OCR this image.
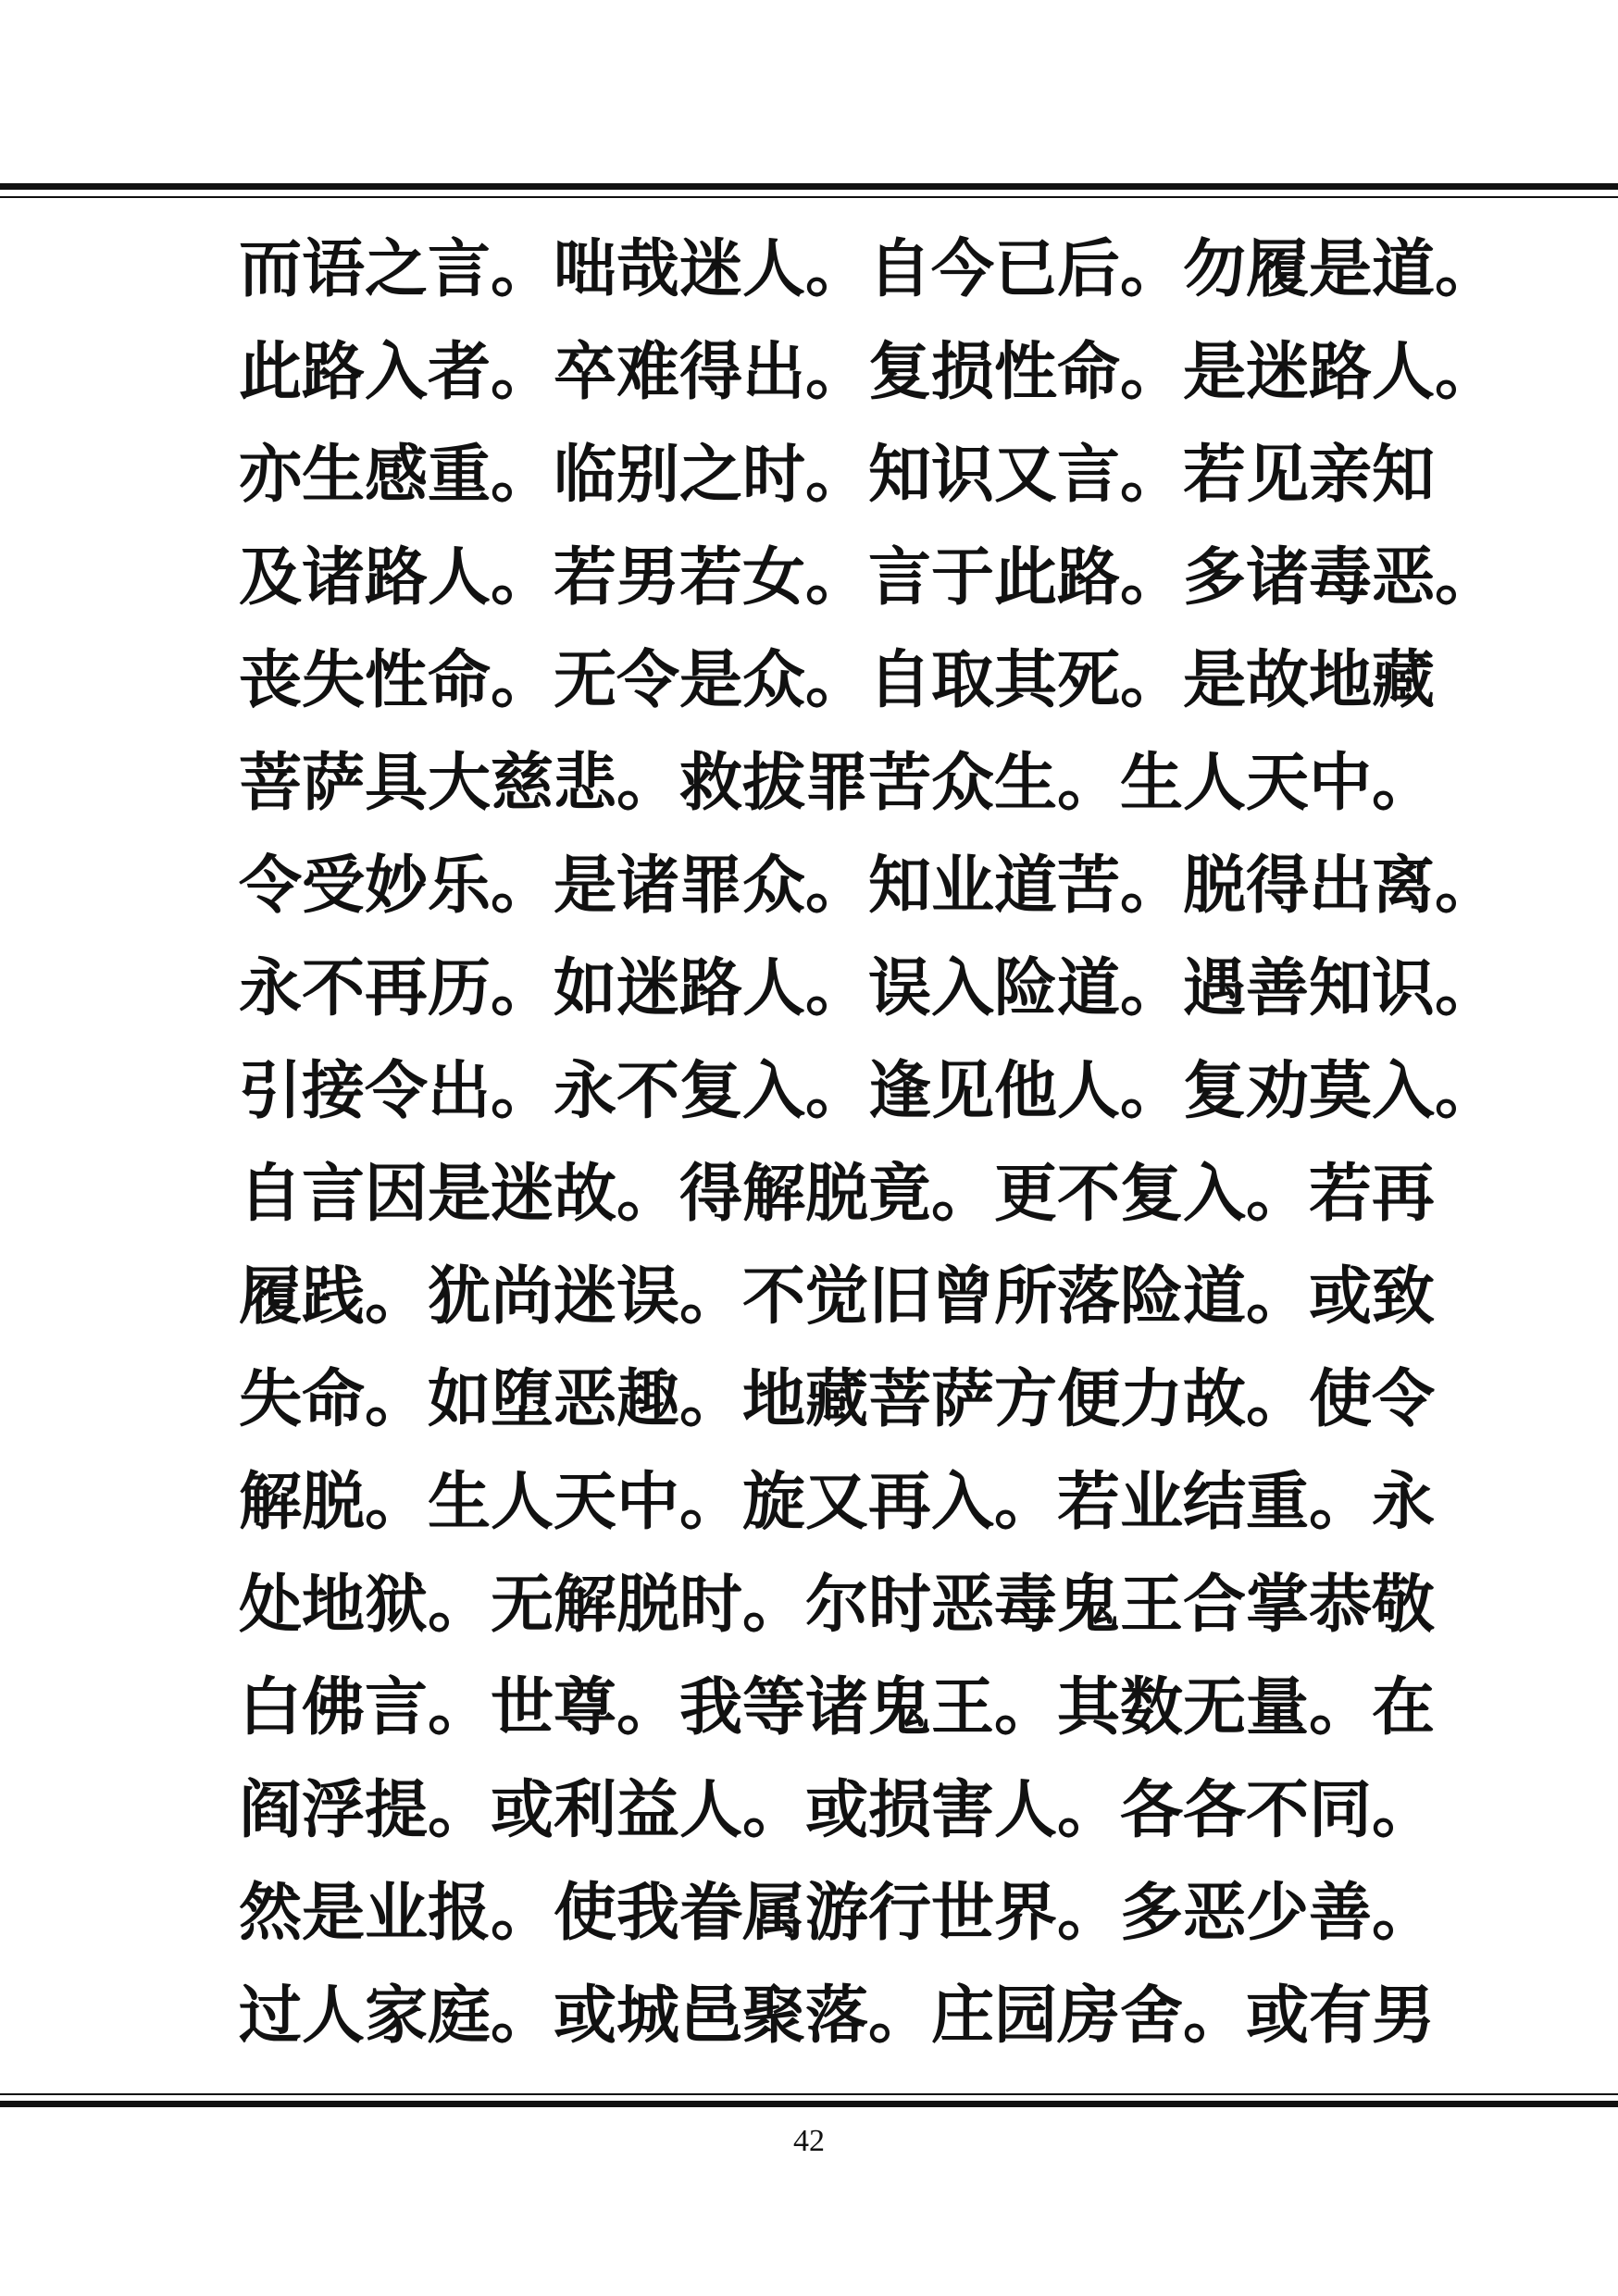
而语之言。咄哉迷人。自今已后。勿履是道。
此路入者。卒难得出。复损性命。是迷路人。
亦生感重。临别之时。知识又言。若见亲知
及诸路人。若男若女。言于此路。多诸毒恶。
丧失性命。无令是众。自取其死。是故地藏
菩萨具大慈悲。救拔罪苦众生。生人天中。
令受妙乐。是诸罪众。知业道苦。脱得出离。
永不再历。如迷路人。误入险道。遇善知识。
引接令出。永不复入。逢见他人。复劝莫入。
自言因是迷故。得解脱竟。更不复入。若再
履践。犹尚迷误。不觉旧曾所落险道。或致
失命。如堕恶趣。地藏菩萨方便力故。使令
解脱。生人天中。旋又再入。若业结重。永
处地狱。无解脱时。尔时恶毒鬼王合掌恭敬
白佛言。世尊。我等诸鬼王。其数无量。在
阎浮提。或利益人。或损害人。各各不同。
然是业报。使我眷属游行世界。多恶少善。
过人家庭。或城邑聚落。庄园房舍。或有男
42
